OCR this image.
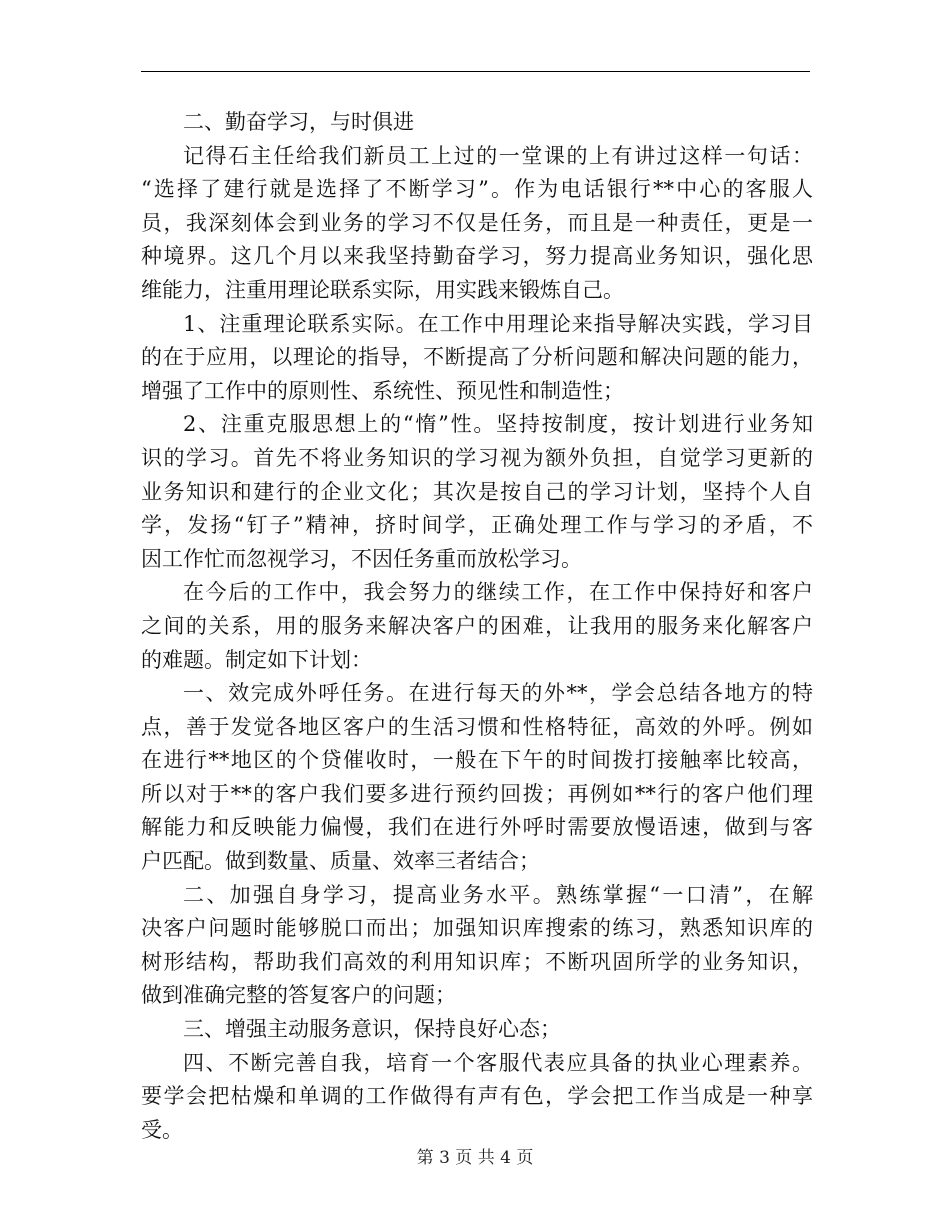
二、勤奋学习，与时俱进
记得石主任给我们新员工上过的一堂课的上有讲过这样一句话：
“选择了建行就是选择了不断学习”。作为电话银行**中心的客服人
员，我深刻体会到业务的学习不仅是任务，而且是一种责任，更是一
种境界。这几个月以来我坚持勤奋学习，努力提高业务知识，强化思
维能力，注重用理论联系实际，用实践来锻炼自己。
1、注重理论联系实际。在工作中用理论来指导解决实践，学习目
的在于应用，以理论的指导，不断提高了分析问题和解决问题的能力，
增强了工作中的原则性、系统性、预见性和制造性；
2、注重克服思想上的“惰”性。坚持按制度，按计划进行业务知
识的学习。首先不将业务知识的学习视为额外负担，自觉学习更新的
业务知识和建行的企业文化；其次是按自己的学习计划，坚持个人自
学，发扬“钉子”精神，挤时间学，正确处理工作与学习的矛盾，不
因工作忙而忽视学习，不因任务重而放松学习。
在今后的工作中，我会努力的继续工作，在工作中保持好和客户
之间的关系，用的服务来解决客户的困难，让我用的服务来化解客户
的难题。制定如下计划：
一、效完成外呼任务。在进行每天的外**，学会总结各地方的特
点，善于发觉各地区客户的生活习惯和性格特征，高效的外呼。例如
在进行**地区的个贷催收时，一般在下午的时间拨打接触率比较高，
所以对于**的客户我们要多进行预约回拨；再例如**行的客户他们理
解能力和反映能力偏慢，我们在进行外呼时需要放慢语速，做到与客
户匹配。做到数量、质量、效率三者结合；
二、加强自身学习，提高业务水平。熟练掌握“一口清”，在解
决客户问题时能够脱口而出；加强知识库搜索的练习，熟悉知识库的
树形结构，帮助我们高效的利用知识库；不断巩固所学的业务知识，
做到准确完整的答复客户的问题；
三、增强主动服务意识，保持良好心态；
四、不断完善自我，培育一个客服代表应具备的执业心理素养。
要学会把枯燥和单调的工作做得有声有色，学会把工作当成是一种享
受。
第 3 页 共 4 页
